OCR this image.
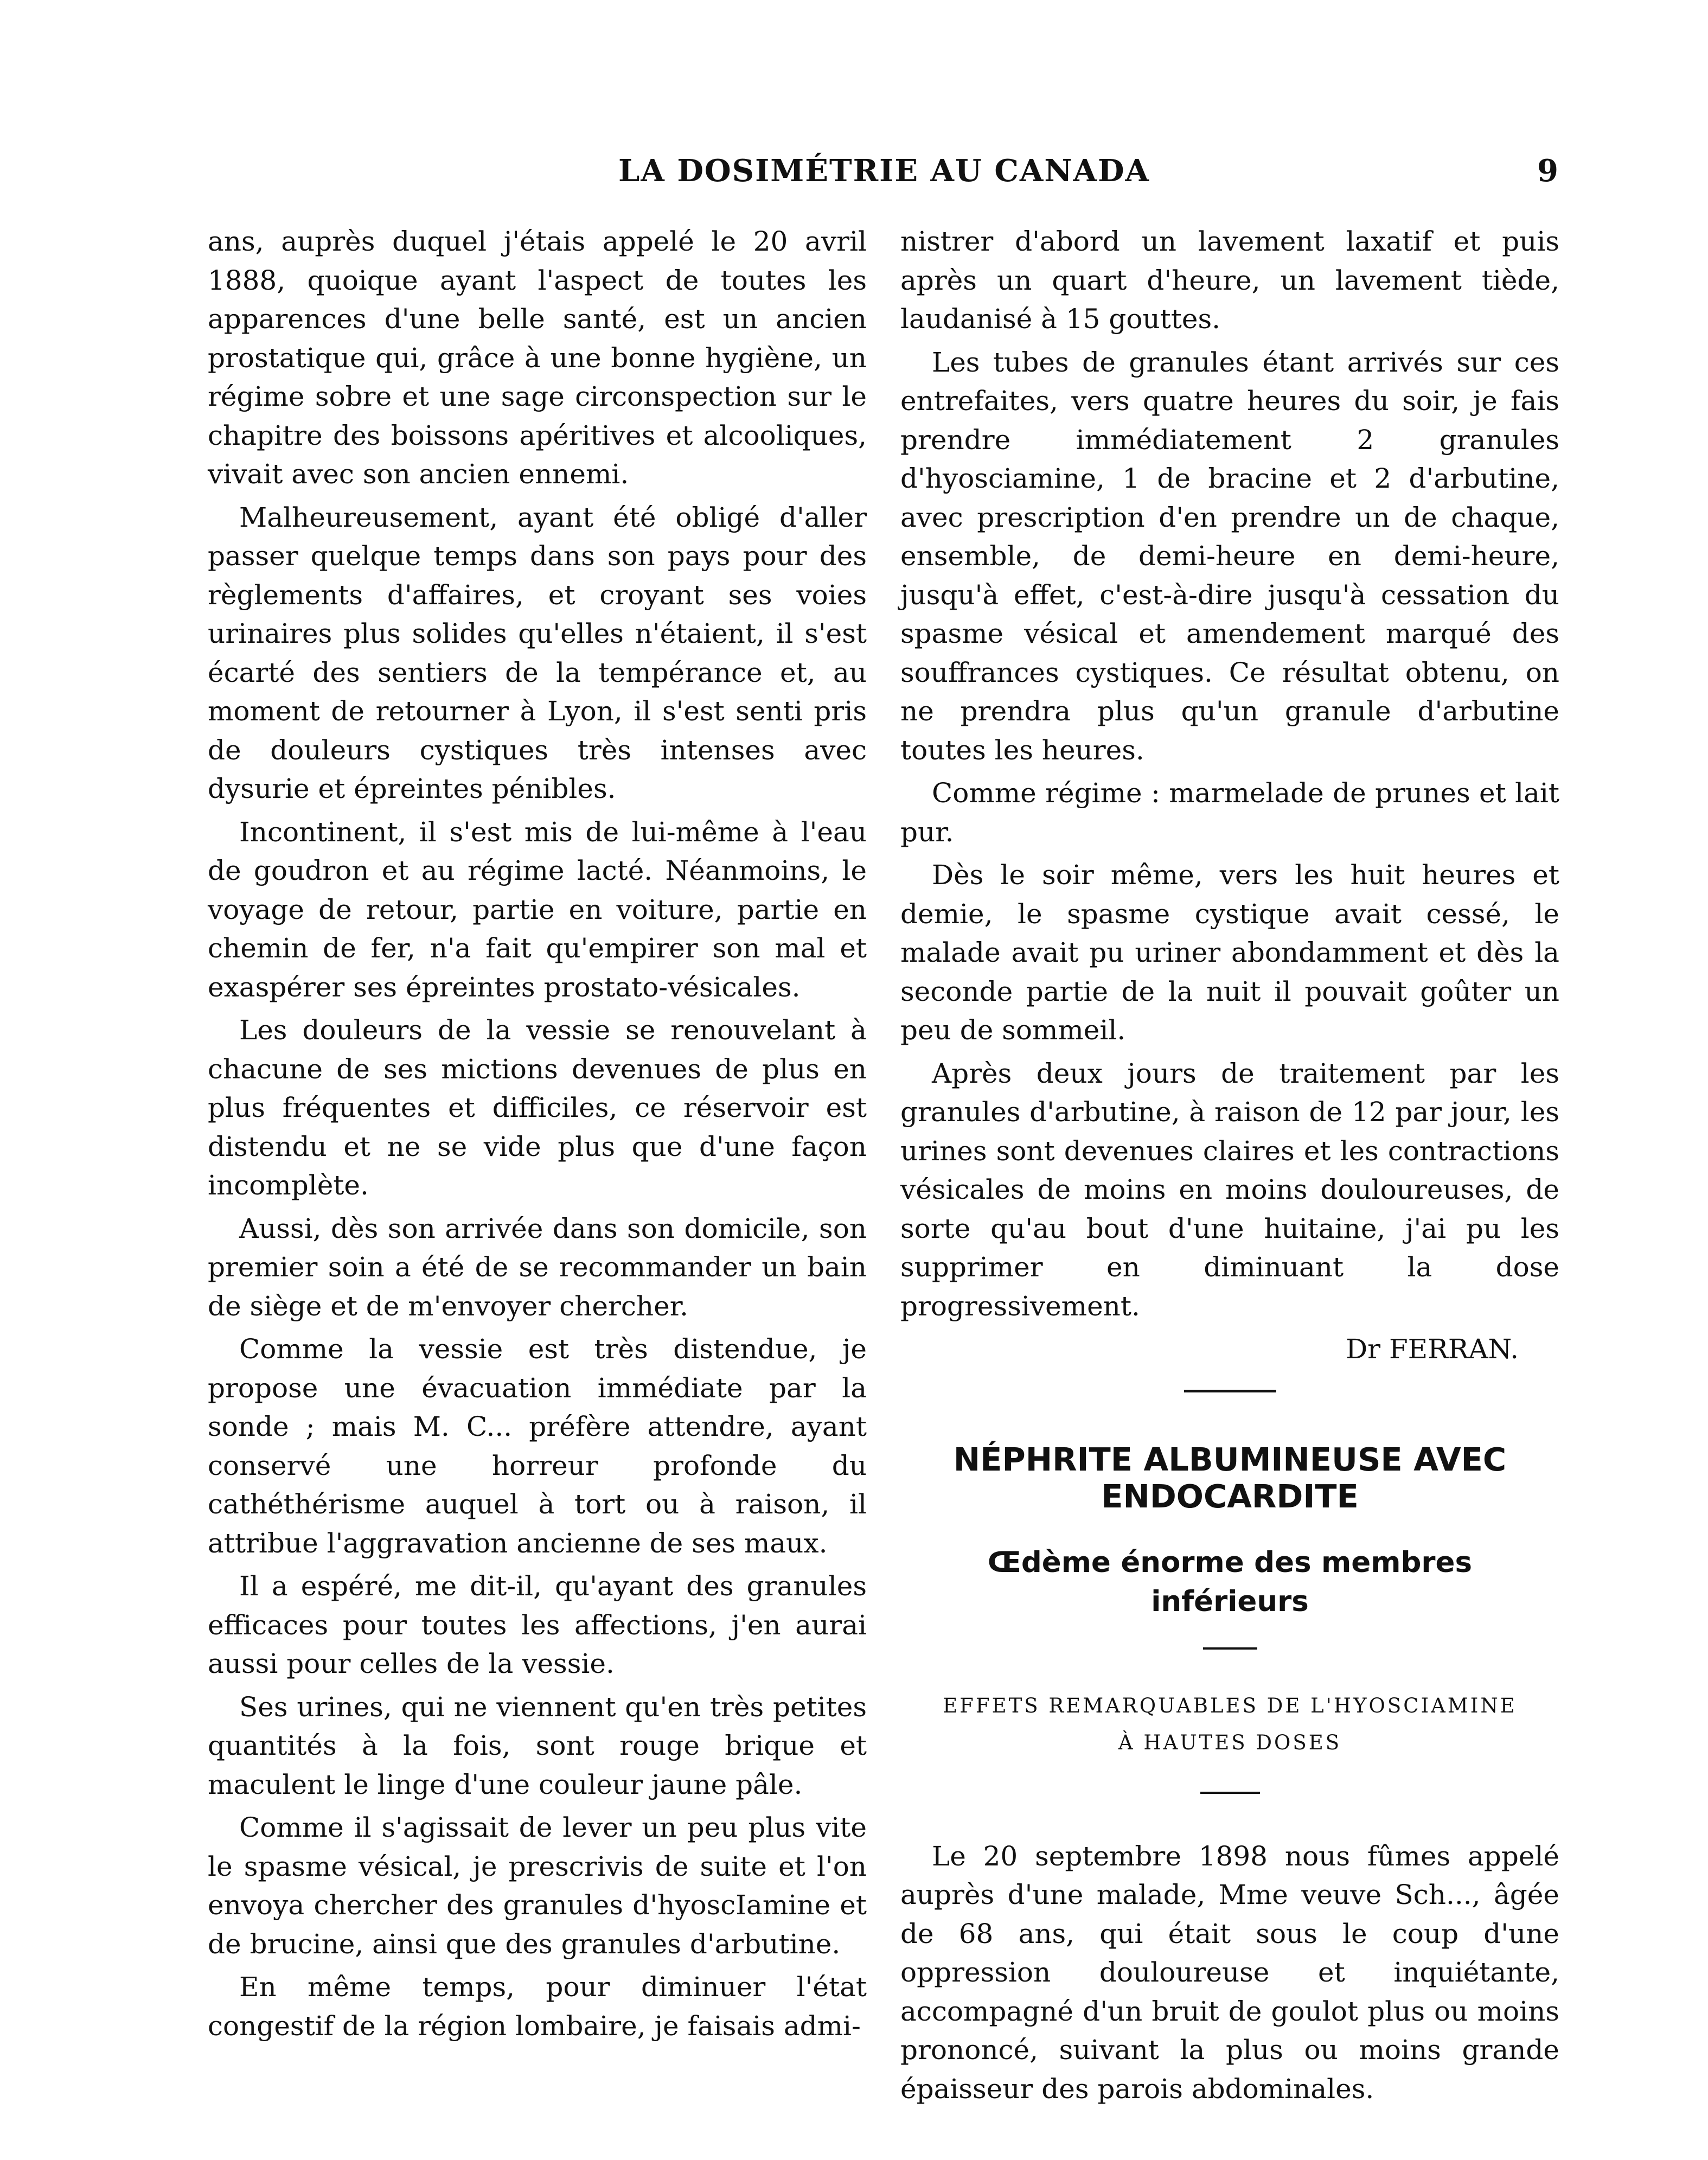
LA DOSIMÉTRIE AU CANADA	9

ans, auprès duquel j'étais appelé le 20 avril 1888, quoique ayant l'aspect de toutes les apparences d'une belle santé, est un ancien prostatique qui, grâce à une bonne hygiène, un régime sobre et une sage circonspection sur le chapitre des boissons apéritives et alcooliques, vivait avec son ancien ennemi.

Malheureusement, ayant été obligé d'aller passer quelque temps dans son pays pour des règlements d'affaires, et croyant ses voies urinaires plus solides qu'elles n'étaient, il s'est écarté des sentiers de la tempérance et, au moment de retourner à Lyon, il s'est senti pris de douleurs cystiques très intenses avec dysurie et épreintes pénibles.

Incontinent, il s'est mis de lui-même à l'eau de goudron et au régime lacté. Néanmoins, le voyage de retour, partie en voiture, partie en chemin de fer, n'a fait qu'empirer son mal et exaspérer ses épreintes prostato-vésicales.

Les douleurs de la vessie se renouvelant à chacune de ses mictions devenues de plus en plus fréquentes et difficiles, ce réservoir est distendu et ne se vide plus que d'une façon incomplète.

Aussi, dès son arrivée dans son domicile, son premier soin a été de se recommander un bain de siège et de m'envoyer chercher.

Comme la vessie est très distendue, je propose une évacuation immédiate par la sonde ; mais M. C... préfère attendre, ayant conservé une horreur profonde du cathéthérisme auquel à tort ou à raison, il attribue l'aggravation ancienne de ses maux.

Il a espéré, me dit-il, qu'ayant des granules efficaces pour toutes les affections, j'en aurai aussi pour celles de la vessie.

Ses urines, qui ne viennent qu'en très petites quantités à la fois, sont rouge brique et maculent le linge d'une couleur jaune pâle.

Comme il s'agissait de lever un peu plus vite le spasme vésical, je prescrivis de suite et l'on envoya chercher des granules d'hyoscIamine et de brucine, ainsi que des granules d'arbutine.

En même temps, pour diminuer l'état congestif de la région lombaire, je faisais admi-

nistrer d'abord un lavement laxatif et puis après un quart d'heure, un lavement tiède, laudanisé à 15 gouttes.

Les tubes de granules étant arrivés sur ces entrefaites, vers quatre heures du soir, je fais prendre immédiatement 2 granules d'hyosciamine, 1 de bracine et 2 d'arbutine, avec prescription d'en prendre un de chaque, ensemble, de demi-heure en demi-heure, jusqu'à effet, c'est-à-dire jusqu'à cessation du spasme vésical et amendement marqué des souffrances cystiques. Ce résultat obtenu, on ne prendra plus qu'un granule d'arbutine toutes les heures.

Comme régime : marmelade de prunes et lait pur.

Dès le soir même, vers les huit heures et demie, le spasme cystique avait cessé, le malade avait pu uriner abondamment et dès la seconde partie de la nuit il pouvait goûter un peu de sommeil.

Après deux jours de traitement par les granules d'arbutine, à raison de 12 par jour, les urines sont devenues claires et les contractions vésicales de moins en moins douloureuses, de sorte qu'au bout d'une huitaine, j'ai pu les supprimer en diminuant la dose progressivement.

Dr FERRAN.

NÉPHRITE ALBUMINEUSE AVEC
ENDOCARDITE

Œdème énorme des membres
inférieurs

EFFETS REMARQUABLES DE L'HYOSCIAMINE
À HAUTES DOSES

Le 20 septembre 1898 nous fûmes appelé auprès d'une malade, Mme veuve Sch..., âgée de 68 ans, qui était sous le coup d'une oppression douloureuse et inquiétante, accompagné d'un bruit de goulot plus ou moins prononcé, suivant la plus ou moins grande épaisseur des parois abdominales.
